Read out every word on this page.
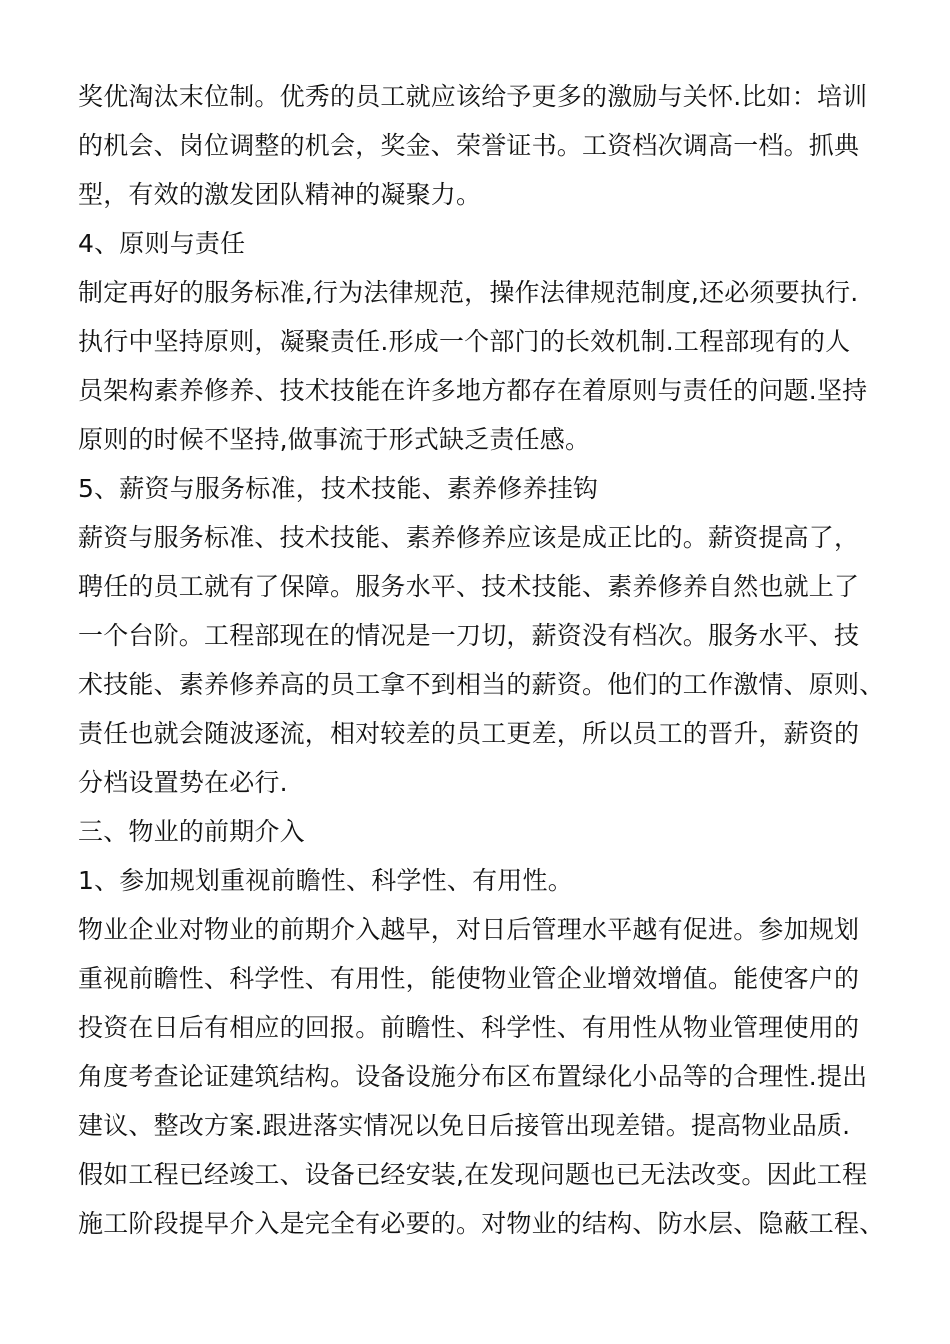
奖优淘汰末位制。优秀的员工就应该给予更多的激励与关怀.比如：培训
的机会、岗位调整的机会，奖金、荣誉证书。工资档次调高一档。抓典
型，有效的激发团队精神的凝聚力。
4、原则与责任
制定再好的服务标准,行为法律规范，操作法律规范制度,还必须要执行.
执行中坚持原则，凝聚责任.形成一个部门的长效机制.工程部现有的人
员架构素养修养、技术技能在许多地方都存在着原则与责任的问题.坚持
原则的时候不坚持,做事流于形式缺乏责任感。
5、薪资与服务标准，技术技能、素养修养挂钩
薪资与服务标准、技术技能、素养修养应该是成正比的。薪资提高了，
聘任的员工就有了保障。服务水平、技术技能、素养修养自然也就上了
一个台阶。工程部现在的情况是一刀切，薪资没有档次。服务水平、技
术技能、素养修养高的员工拿不到相当的薪资。他们的工作激情、原则、
责任也就会随波逐流，相对较差的员工更差，所以员工的晋升，薪资的
分档设置势在必行.
三、物业的前期介入
1、参加规划重视前瞻性、科学性、有用性。
物业企业对物业的前期介入越早，对日后管理水平越有促进。参加规划
重视前瞻性、科学性、有用性，能使物业管企业增效增值。能使客户的
投资在日后有相应的回报。前瞻性、科学性、有用性从物业管理使用的
角度考查论证建筑结构。设备设施分布区布置绿化小品等的合理性.提出
建议、整改方案.跟进落实情况以免日后接管出现差错。提高物业品质.
假如工程已经竣工、设备已经安装,在发现问题也已无法改变。因此工程
施工阶段提早介入是完全有必要的。对物业的结构、防水层、隐蔽工程、
